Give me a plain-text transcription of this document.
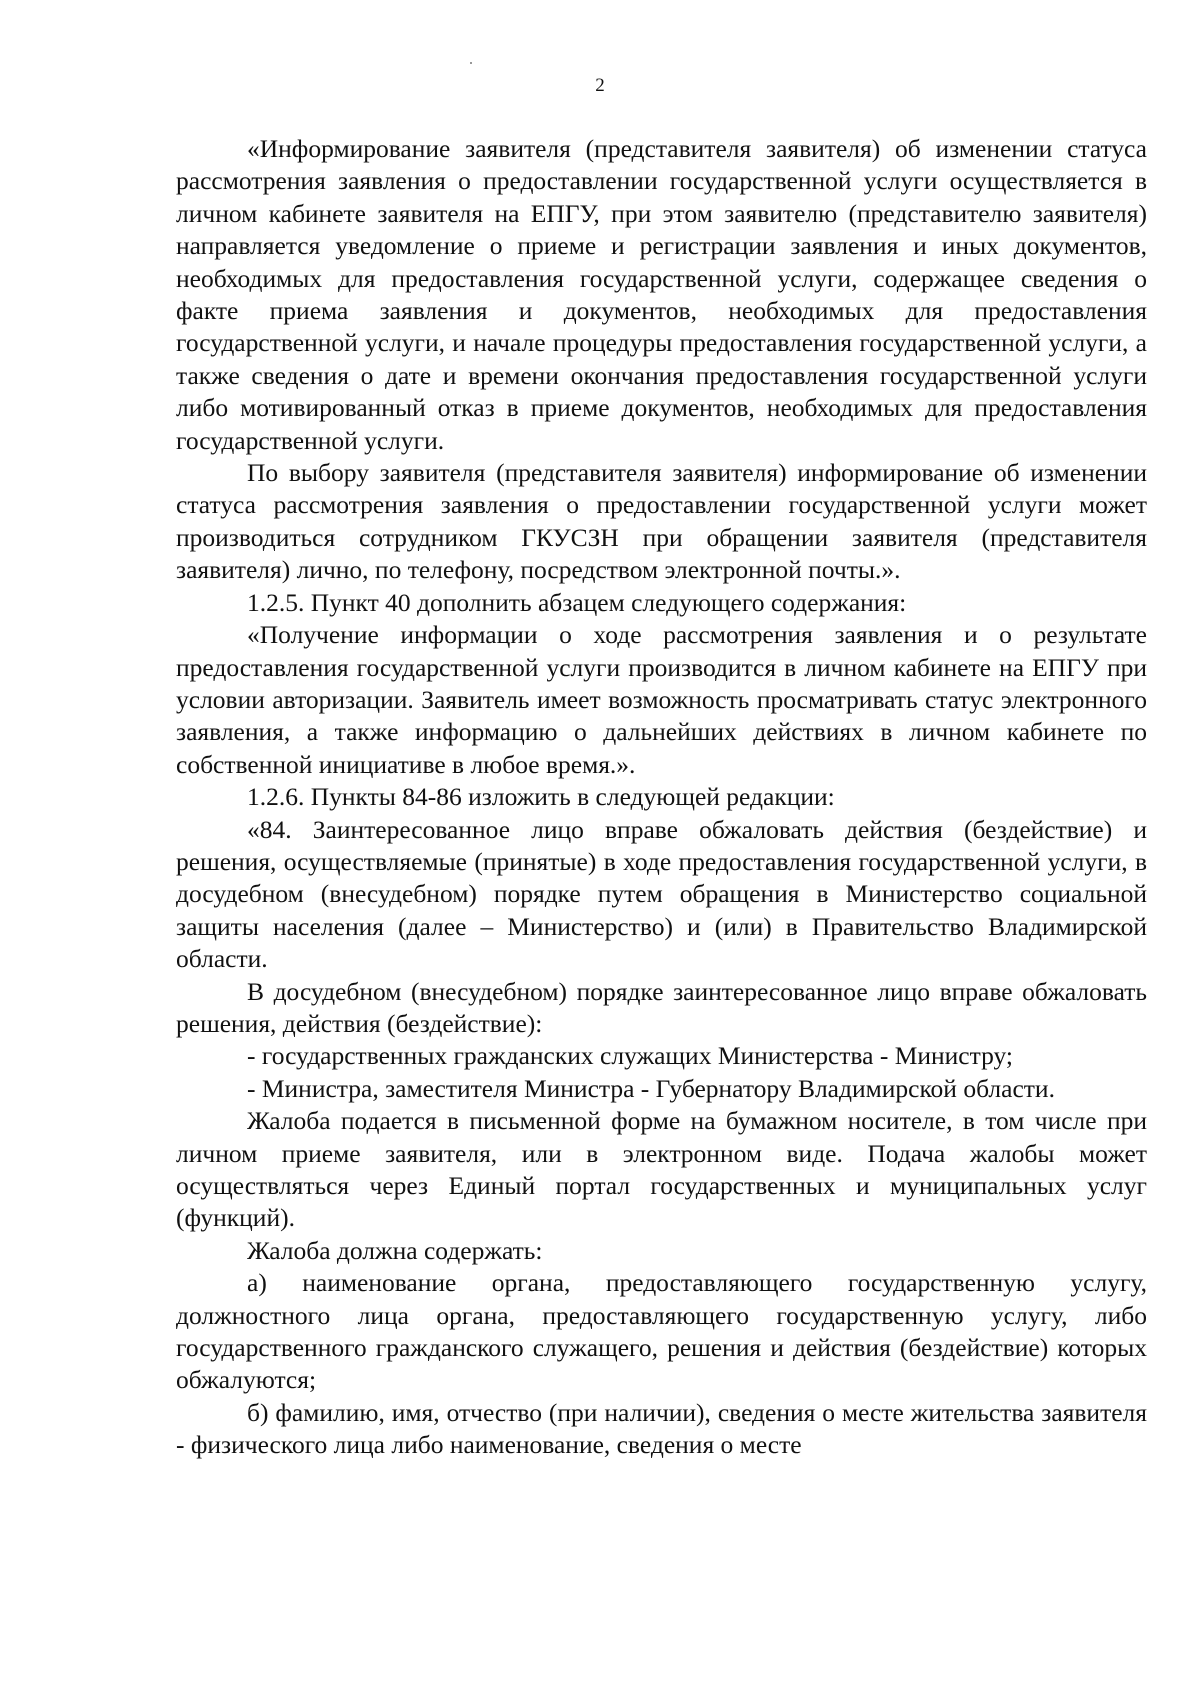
2

«Информирование заявителя (представителя заявителя) об изменении статуса рассмотрения заявления о предоставлении государственной услуги осуществляется в личном кабинете заявителя на ЕПГУ, при этом заявителю (представителю заявителя) направляется уведомление о приеме и регистрации заявления и иных документов, необходимых для предоставления государственной услуги, содержащее сведения о факте приема заявления и документов, необходимых для предоставления государственной услуги, и начале процедуры предоставления государственной услуги, а также сведения о дате и времени окончания предоставления государственной услуги либо мотивированный отказ в приеме документов, необходимых для предоставления государственной услуги.

По выбору заявителя (представителя заявителя) информирование об изменении статуса рассмотрения заявления о предоставлении государственной услуги может производиться сотрудником ГКУСЗН при обращении заявителя (представителя заявителя) лично, по телефону, посредством электронной почты.».

1.2.5. Пункт 40 дополнить абзацем следующего содержания:

«Получение информации о ходе рассмотрения заявления и о результате предоставления государственной услуги производится в личном кабинете на ЕПГУ при условии авторизации. Заявитель имеет возможность просматривать статус электронного заявления, а также информацию о дальнейших действиях в личном кабинете по собственной инициативе в любое время.».

1.2.6. Пункты 84-86 изложить в следующей редакции:

«84. Заинтересованное лицо вправе обжаловать действия (бездействие) и решения, осуществляемые (принятые) в ходе предоставления государственной услуги, в досудебном (внесудебном) порядке путем обращения в Министерство социальной защиты населения (далее – Министерство) и (или) в Правительство Владимирской области.

В досудебном (внесудебном) порядке заинтересованное лицо вправе обжаловать решения, действия (бездействие):

- государственных гражданских служащих Министерства - Министру;

- Министра, заместителя Министра - Губернатору Владимирской области.

Жалоба подается в письменной форме на бумажном носителе, в том числе при личном приеме заявителя, или в электронном виде. Подача жалобы может осуществляться через Единый портал государственных и муниципальных услуг (функций).

Жалоба должна содержать:

а) наименование органа, предоставляющего государственную услугу, должностного лица органа, предоставляющего государственную услугу, либо государственного гражданского служащего, решения и действия (бездействие) которых обжалуются;

б) фамилию, имя, отчество (при наличии), сведения о месте жительства заявителя - физического лица либо наименование, сведения о месте
